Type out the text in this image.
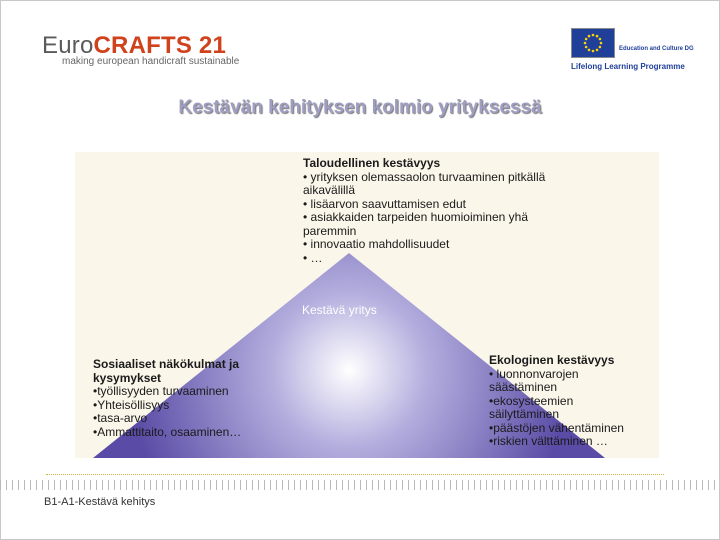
EuroCRAFTS 21
making european handicraft sustainable
Education and Culture DG
Lifelong Learning Programme
Kestävän kehityksen kolmio yrityksessä
Kestävä yritys
Taloudellinen kestävyys
• yrityksen olemassaolon turvaaminen pitkällä
aikavälillä
• lisäarvon saavuttamisen edut
• asiakkaiden tarpeiden huomioiminen yhä
paremmin
• innovaatio mahdollisuudet
• …
Sosiaaliset näkökulmat ja
kysymykset
•työllisyyden turvaaminen
•Yhteisöllisyys
•tasa-arvo
•Ammattitaito, osaaminen…
Ekologinen kestävyys
• luonnonvarojen
säästäminen
•ekosysteemien
säilyttäminen
•päästöjen vähentäminen
•riskien välttäminen …
B1-A1-Kestävä kehitys
